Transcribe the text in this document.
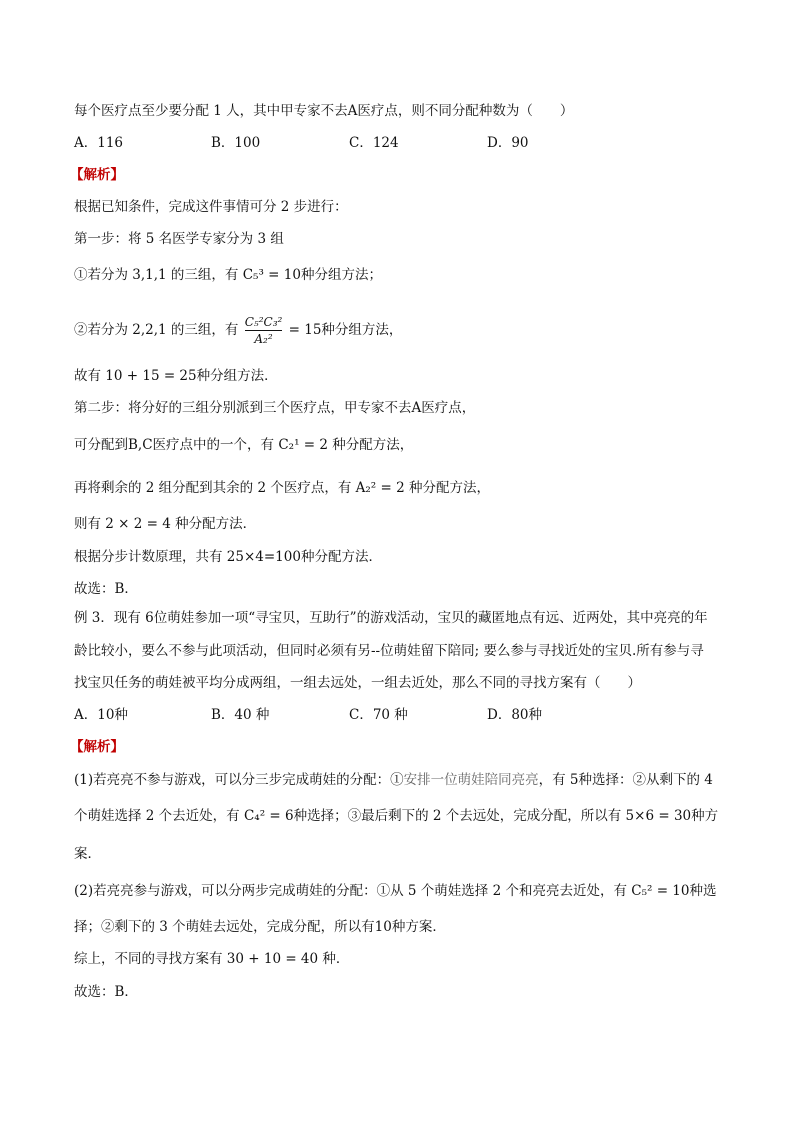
每个医疗点至少要分配 1 人，其中甲专家不去A医疗点，则不同分配种数为（　　）
A．116	B．100	C．124	D．90
【解析】
根据已知条件，完成这件事情可分 2 步进行：
第一步：将 5 名医学专家分为 3 组
①若分为 3,1,1 的三组，有 C₅³ = 10种分组方法；
②若分为 2,2,1 的三组，有 $\frac{\text{C₅²C₃²}}{\text{A₂²}} = 15$种分组方法，
故有 10 + 15 = 25种分组方法．
第二步：将分好的三组分别派到三个医疗点，甲专家不去A医疗点，
可分配到B,C医疗点中的一个，有 C₂¹ = 2 种分配方法，
再将剩余的 2 组分配到其余的 2 个医疗点，有 A₂² = 2 种分配方法，
则有 2 × 2 = 4 种分配方法．
根据分步计数原理，共有 25×4=100种分配方法．
故选：B．
例 3．现有 6位萌娃参加一项“寻宝贝，互助行”的游戏活动，宝贝的藏匿地点有远、近两处，其中亮亮的年
龄比较小，要么不参与此项活动，但同时必须有另--位萌娃留下陪同; 要么参与寻找近处的宝贝.所有参与寻
找宝贝任务的萌娃被平均分成两组，一组去远处，一组去近处，那么不同的寻找方案有（　　）
A．10种	B．40 种	C．70 种	D．80种
【解析】
(1)若亮亮不参与游戏，可以分三步完成萌娃的分配：①安排一位萌娃陪同亮亮，有 5种选择：②从剩下的 4
个萌娃选择 2 个去近处，有 C₄² = 6种选择；③最后剩下的 2 个去远处，完成分配，所以有 5×6 = 30种方
案．
(2)若亮亮参与游戏，可以分两步完成萌娃的分配：①从 5 个萌娃选择 2 个和亮亮去近处，有 C₅² = 10种选
择；②剩下的 3 个萌娃去远处，完成分配，所以有10种方案．
综上，不同的寻找方案有 30 + 10 = 40 种．
故选：B．
